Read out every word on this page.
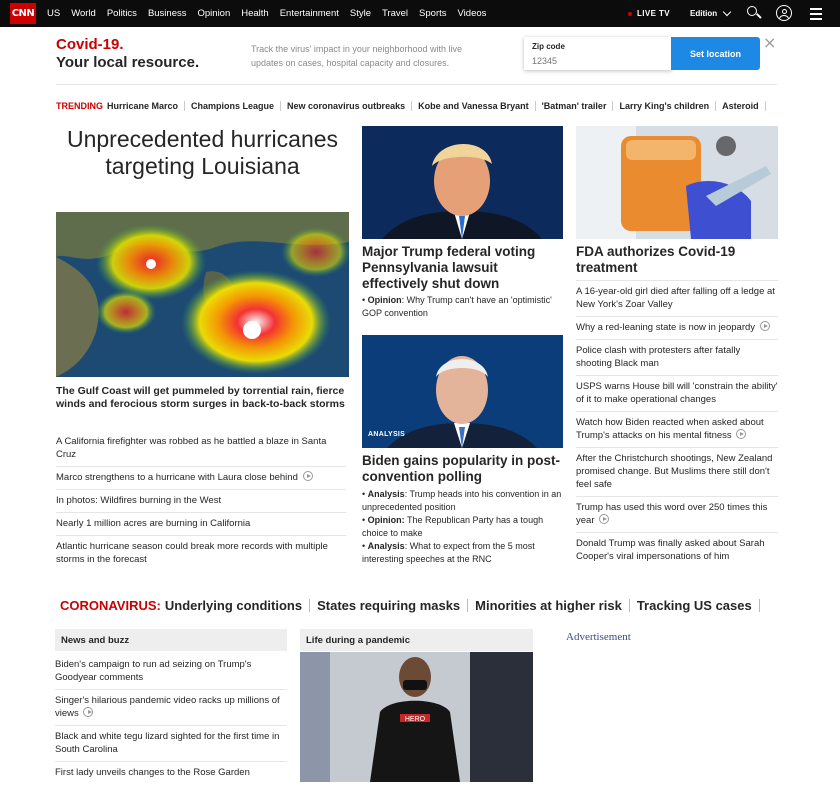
CNN US World Politics Business Opinion Health Entertainment Style Travel Sports Videos	LIVE TV Edition
Covid-19.
Your local resource.
Track the virus' impact in your neighborhood with live updates on cases, hospital capacity and closures.
Zip code
12345
Set location
×
TRENDING Hurricane Marco Champions League New coronavirus outbreaks Kobe and Vanessa Bryant 'Batman' trailer Larry King's children Asteroid
Unprecedented hurricanes targeting Louisiana
The Gulf Coast will get pummeled by torrential rain, fierce winds and ferocious storm surges in back-to-back storms
A California firefighter was robbed as he battled a blaze in Santa Cruz
Marco strengthens to a hurricane with Laura close behind
In photos: Wildfires burning in the West
Nearly 1 million acres are burning in California
Atlantic hurricane season could break more records with multiple storms in the forecast
Major Trump federal voting Pennsylvania lawsuit effectively shut down
• Opinion: Why Trump can't have an 'optimistic' GOP convention
ANALYSIS
Biden gains popularity in post-convention polling
• Analysis: Trump heads into his convention in an unprecedented position
• Opinion: The Republican Party has a tough choice to make
• Analysis: What to expect from the 5 most interesting speeches at the RNC
FDA authorizes Covid-19 treatment
A 16-year-old girl died after falling off a ledge at New York's Zoar Valley
Why a red-leaning state is now in jeopardy
Police clash with protesters after fatally shooting Black man
USPS warns House bill will 'constrain the ability' of it to make operational changes
Watch how Biden reacted when asked about Trump's attacks on his mental fitness
After the Christchurch shootings, New Zealand promised change. But Muslims there still don't feel safe
Trump has used this word over 250 times this year
Donald Trump was finally asked about Sarah Cooper's viral impersonations of him
CORONAVIRUS: Underlying conditions States requiring masks Minorities at higher risk Tracking US cases
News and buzz
Biden's campaign to run ad seizing on Trump's Goodyear comments
Singer's hilarious pandemic video racks up millions of views
Black and white tegu lizard sighted for the first time in South Carolina
First lady unveils changes to the Rose Garden
Life during a pandemic
HERO
Advertisement
